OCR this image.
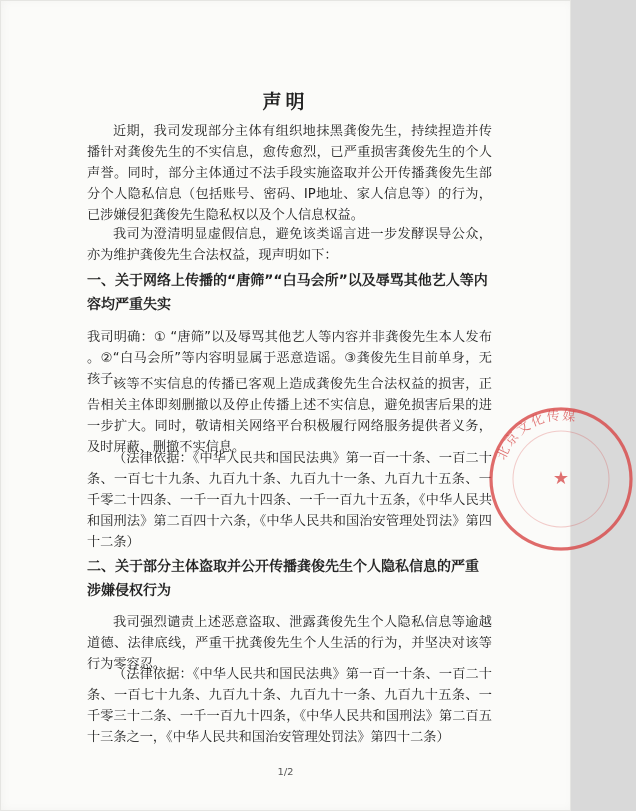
声明
近期，我司发现部分主体有组织地抹黑龚俊先生，持续捏造并传播针对龚俊先生的不实信息，愈传愈烈，已严重损害龚俊先生的个人声誉。同时，部分主体通过不法手段实施盗取并公开传播龚俊先生部分个人隐私信息（包括账号、密码、IP地址、家人信息等）的行为，已涉嫌侵犯龚俊先生隐私权以及个人信息权益。
我司为澄清明显虚假信息，避免该类谣言进一步发酵误导公众，亦为维护龚俊先生合法权益，现声明如下：
一、关于网络上传播的“唐筛”“白马会所”以及辱骂其他艺人等内容均严重失实
我司明确：① “唐筛”以及辱骂其他艺人等内容并非龚俊先生本人发布 。②“白马会所”等内容明显属于恶意造谣。③龚俊先生目前单身，无孩子。
该等不实信息的传播已客观上造成龚俊先生合法权益的损害，正告相关主体即刻删撤以及停止传播上述不实信息，避免损害后果的进一步扩大。同时，敬请相关网络平台积极履行网络服务提供者义务，及时屏蔽、删撤不实信息。
（法律依据：《中华人民共和国民法典》第一百一十条、一百二十条、一百七十九条、九百九十条、九百九十一条、九百九十五条、一千零二十四条、一千一百九十四条、一千一百九十五条，《中华人民共和国刑法》第二百四十六条，《中华人民共和国治安管理处罚法》第四十二条）
二、关于部分主体盗取并公开传播龚俊先生个人隐私信息的严重涉嫌侵权行为
我司强烈谴责上述恶意盗取、泄露龚俊先生个人隐私信息等逾越道德、法律底线，严重干扰龚俊先生个人生活的行为，并坚决对该等行为零容忍。
（法律依据：《中华人民共和国民法典》第一百一十条、一百二十条、一百七十九条、九百九十条、九百九十一条、九百九十五条、一千零三十二条、一千一百九十四条，《中华人民共和国刑法》第二百五十三条之一，《中华人民共和国治安管理处罚法》第四十二条）
1/2
北京文化传媒
★
